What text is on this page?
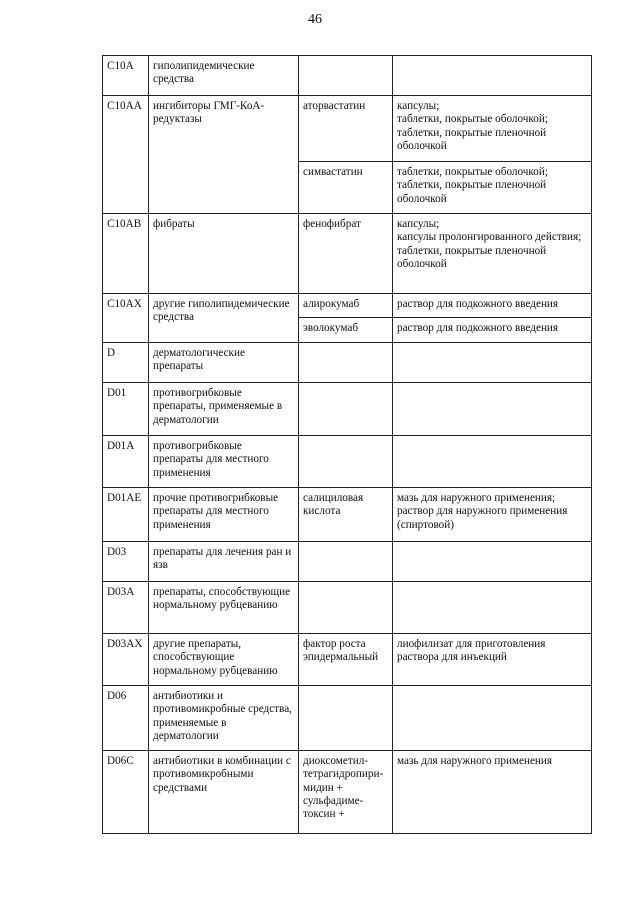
46
С10А	гиполипидемические средства		
С10АА	ингибиторы ГМГ-КоА-редуктазы	аторвастатин	капсулы;
таблетки, покрытые оболочкой;
таблетки, покрытые пленочной оболочкой

		симвастатин	таблетки, покрытые оболочкой;
таблетки, покрытые пленочной оболочкой

С10АВ	фибраты	фенофибрат	капсулы;
капсулы пролонгированного действия;
таблетки, покрытые пленочной оболочкой

С10АХ	другие гиполипидемические средства	алирокумаб	раствор для подкожного введения

		эволокумаб	раствор для подкожного введения

D	дерматологические препараты		
D01	противогрибковые препараты, применяемые в дерматологии		
D01A	противогрибковые препараты для местного применения		
D01AE	прочие противогрибковые препараты для местного применения	салициловая кислота	мазь для наружного применения;
раствор для наружного применения (спиртовой)

D03	препараты для лечения ран и язв		
D03A	препараты, способствующие нормальному рубцеванию		
D03AX	другие препараты, способствующие нормальному рубцеванию	фактор роста эпидермальный	лиофилизат для приготовления раствора для инъекций

D06	антибиотики и противомикробные средства, применяемые в дерматологии		
D06C	антибиотики в комбинации с противомикробными средствами	диоксометил-тетрагидропири-мидин + сульфадиме-токсин +	мазь для наружного применения
